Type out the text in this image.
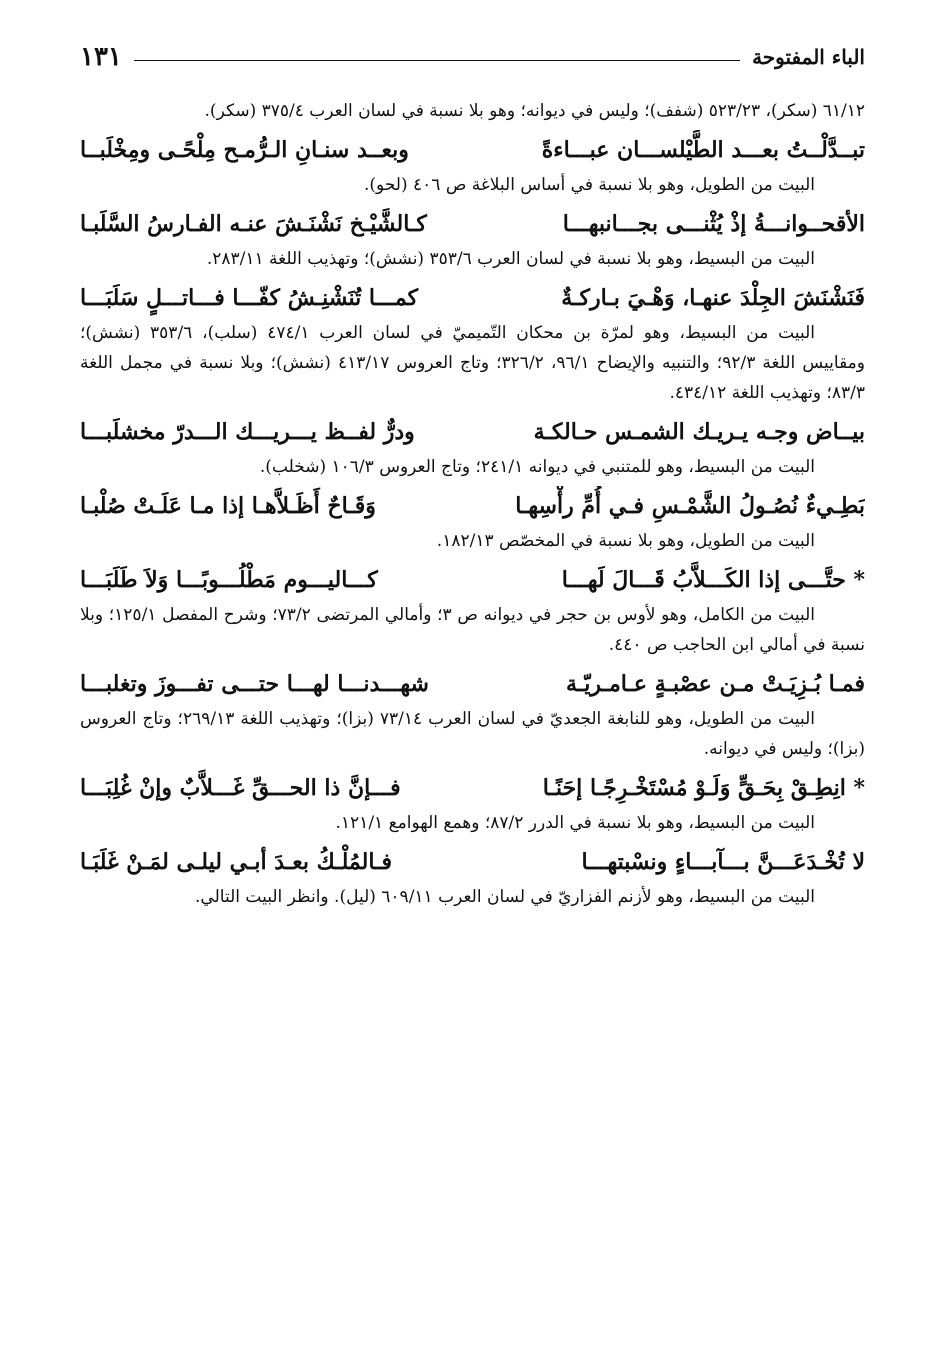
الباء المفتوحة
١٣١
٦١/١٢ (سكر)، ٥٢٣/٢٣ (شفف)؛ وليس في ديوانه؛ وهو بلا نسبة في لسان العرب ٣٧٥/٤ (سكر).
تبــدَّلْــتُ بعـــد الطَّيْلســـان عبـــاءةً
وبعــد سنـانِ الـرُّمـح مِلْحًـى ومِخْلَبــا
البيت من الطويل، وهو بلا نسبة في أساس البلاغة ص ٤٠٦ (لحو).
الأقحــوانـــةُ إذْ يُثْنـــى بجـــانبهـــا
كـالشَّيْـخ نَشْنَـشَ عنـه الفـارسُ السَّلَبـا
البيت من البسيط، وهو بلا نسبة في لسان العرب ٣٥٣/٦ (نشش)؛ وتهذيب اللغة ٢٨٣/١١.
فَنَشْنَشَ الجِلْدَ عنهـا، وَهْـيَ بـاركـةٌ
كمـــا تُنَشْنِـشُ كفّـــا فـــاتـــلٍ سَلَبَـــا
البيت من البسيط، وهو لمرّة بن محكان التّميميّ في لسان العرب ٤٧٤/١ (سلب)، ٣٥٣/٦ (نشش)؛ ومقاييس اللغة ٩٢/٣؛ والتنبيه والإيضاح ٩٦/١، ٣٢٦/٢؛ وتاج العروس ٤١٣/١٧ (نشش)؛ وبلا نسبة في مجمل اللغة ٨٣/٣؛ وتهذيب اللغة ٤٣٤/١٢.
بيــاض وجـه يـريـك الشمـس حـالكـة
ودرٌّ لفــظ يـــريـــك الـــدرّ مخشلَبـــا
البيت من البسيط، وهو للمتنبي في ديوانه ٢٤١/١؛ وتاج العروس ١٠٦/٣ (شخلب).
بَطِـيءٌ نُصُـولُ الشَّمْـسِ فـي أُمِّ رأْسِهـا
وَقَـاحٌ أَظَـلاَّهـا إذا مـا عَلَـتْ صُلْبـا
البيت من الطويل، وهو بلا نسبة في المخصّص ١٨٢/١٣.
* حتَّـــى إذا الكَـــلاَّبُ قَـــالَ لَهـــا
كـــاليـــوم مَطْلُـــوبًـــا وَلاَ طَلَبَـــا
البيت من الكامل، وهو لأوس بن حجر في ديوانه ص ٣؛ وأمالي المرتضى ٧٣/٢؛ وشرح المفصل ١٢٥/١؛ وبلا نسبة في أمالي ابن الحاجب ص ٤٤٠.
فمـا بُـزِيَـتْ مـن عصْبـةٍ عـامـريّـة
شهـــدنـــا لهـــا حتـــى تفـــوزَ وتغلبـــا
البيت من الطويل، وهو للنابغة الجعديّ في لسان العرب ٧٣/١٤ (بزا)؛ وتهذيب اللغة ٢٦٩/١٣؛ وتاج العروس (بزا)؛ وليس في ديوانه.
* انِطِـقْ بِحَـقٍّ وَلَـوْ مُسْتَخْـرِجًـا إحَنًـا
فـــإنَّ ذا الحـــقِّ غَـــلاَّبٌ وإنْ غُلِبَـــا
البيت من البسيط، وهو بلا نسبة في الدرر ٨٧/٢؛ وهمع الهوامع ١٢١/١.
لا تُخْـدَعَـــنَّ بـــآبـــاءٍ ونسْبتهـــا
فـالمُلْـكُ بعـدَ أبـي ليلـى لمَـنْ غَلَبَـا
البيت من البسيط، وهو لأزنم الفزاريّ في لسان العرب ٦٠٩/١١ (ليل). وانظر البيت التالي.
